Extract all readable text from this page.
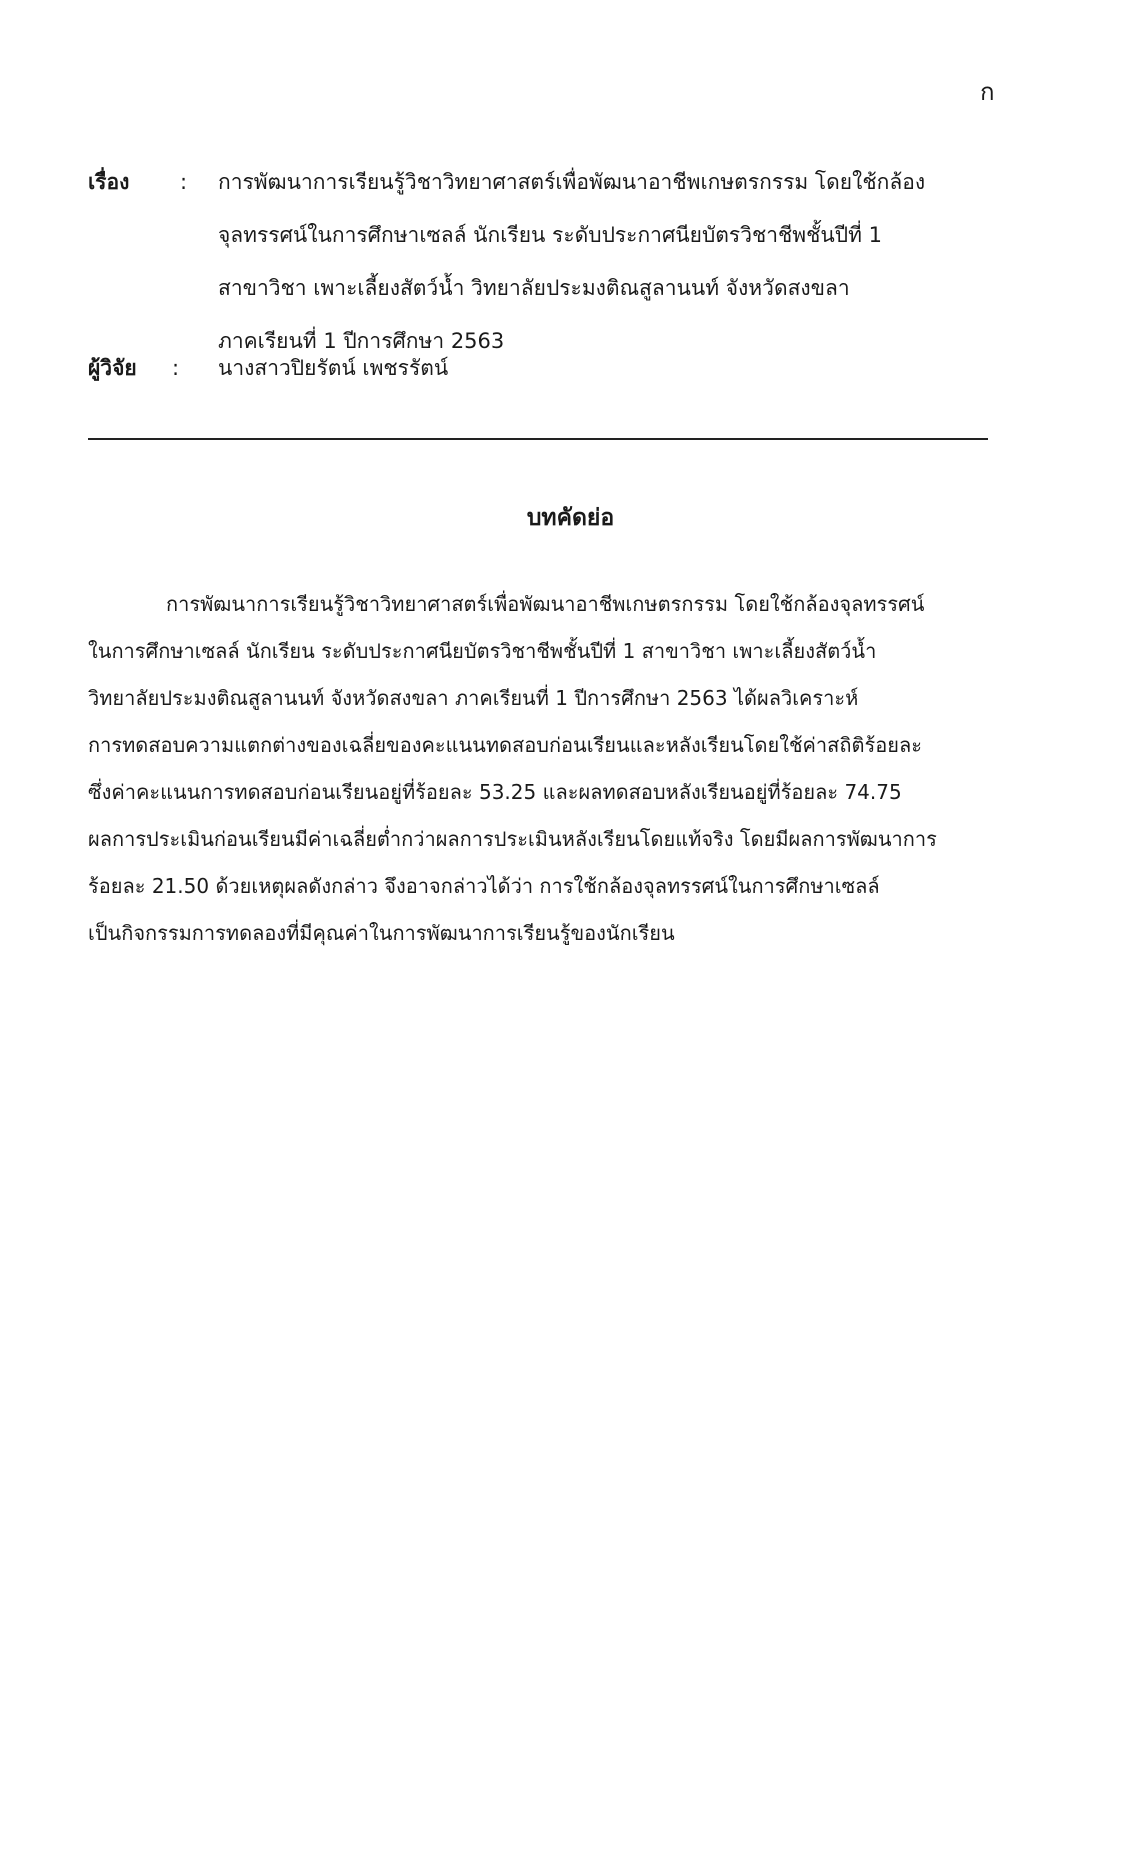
ก
เรื่อง : การพัฒนาการเรียนรู้วิชาวิทยาศาสตร์เพื่อพัฒนาอาชีพเกษตรกรรม โดยใช้กล้อง
จุลทรรศน์ในการศึกษาเซลล์ นักเรียน ระดับประกาศนียบัตรวิชาชีพชั้นปีที่ 1
สาขาวิชา เพาะเลี้ยงสัตว์น้ำ วิทยาลัยประมงติณสูลานนท์ จังหวัดสงขลา
ภาคเรียนที่ 1 ปีการศึกษา 2563
ผู้วิจัย : นางสาวปิยรัตน์ เพชรรัตน์
บทคัดย่อ
การพัฒนาการเรียนรู้วิชาวิทยาศาสตร์เพื่อพัฒนาอาชีพเกษตรกรรม โดยใช้กล้องจุลทรรศน์
ในการศึกษาเซลล์ นักเรียน ระดับประกาศนียบัตรวิชาชีพชั้นปีที่ 1 สาขาวิชา เพาะเลี้ยงสัตว์น้ำ
วิทยาลัยประมงติณสูลานนท์ จังหวัดสงขลา ภาคเรียนที่ 1 ปีการศึกษา 2563 ได้ผลวิเคราะห์
การทดสอบความแตกต่างของเฉลี่ยของคะแนนทดสอบก่อนเรียนและหลังเรียนโดยใช้ค่าสถิติร้อยละ
ซึ่งค่าคะแนนการทดสอบก่อนเรียนอยู่ที่ร้อยละ 53.25 และผลทดสอบหลังเรียนอยู่ที่ร้อยละ 74.75
ผลการประเมินก่อนเรียนมีค่าเฉลี่ยต่ำกว่าผลการประเมินหลังเรียนโดยแท้จริง โดยมีผลการพัฒนาการ
ร้อยละ 21.50 ด้วยเหตุผลดังกล่าว จึงอาจกล่าวได้ว่า การใช้กล้องจุลทรรศน์ในการศึกษาเซลล์
เป็นกิจกรรมการทดลองที่มีคุณค่าในการพัฒนาการเรียนรู้ของนักเรียน
